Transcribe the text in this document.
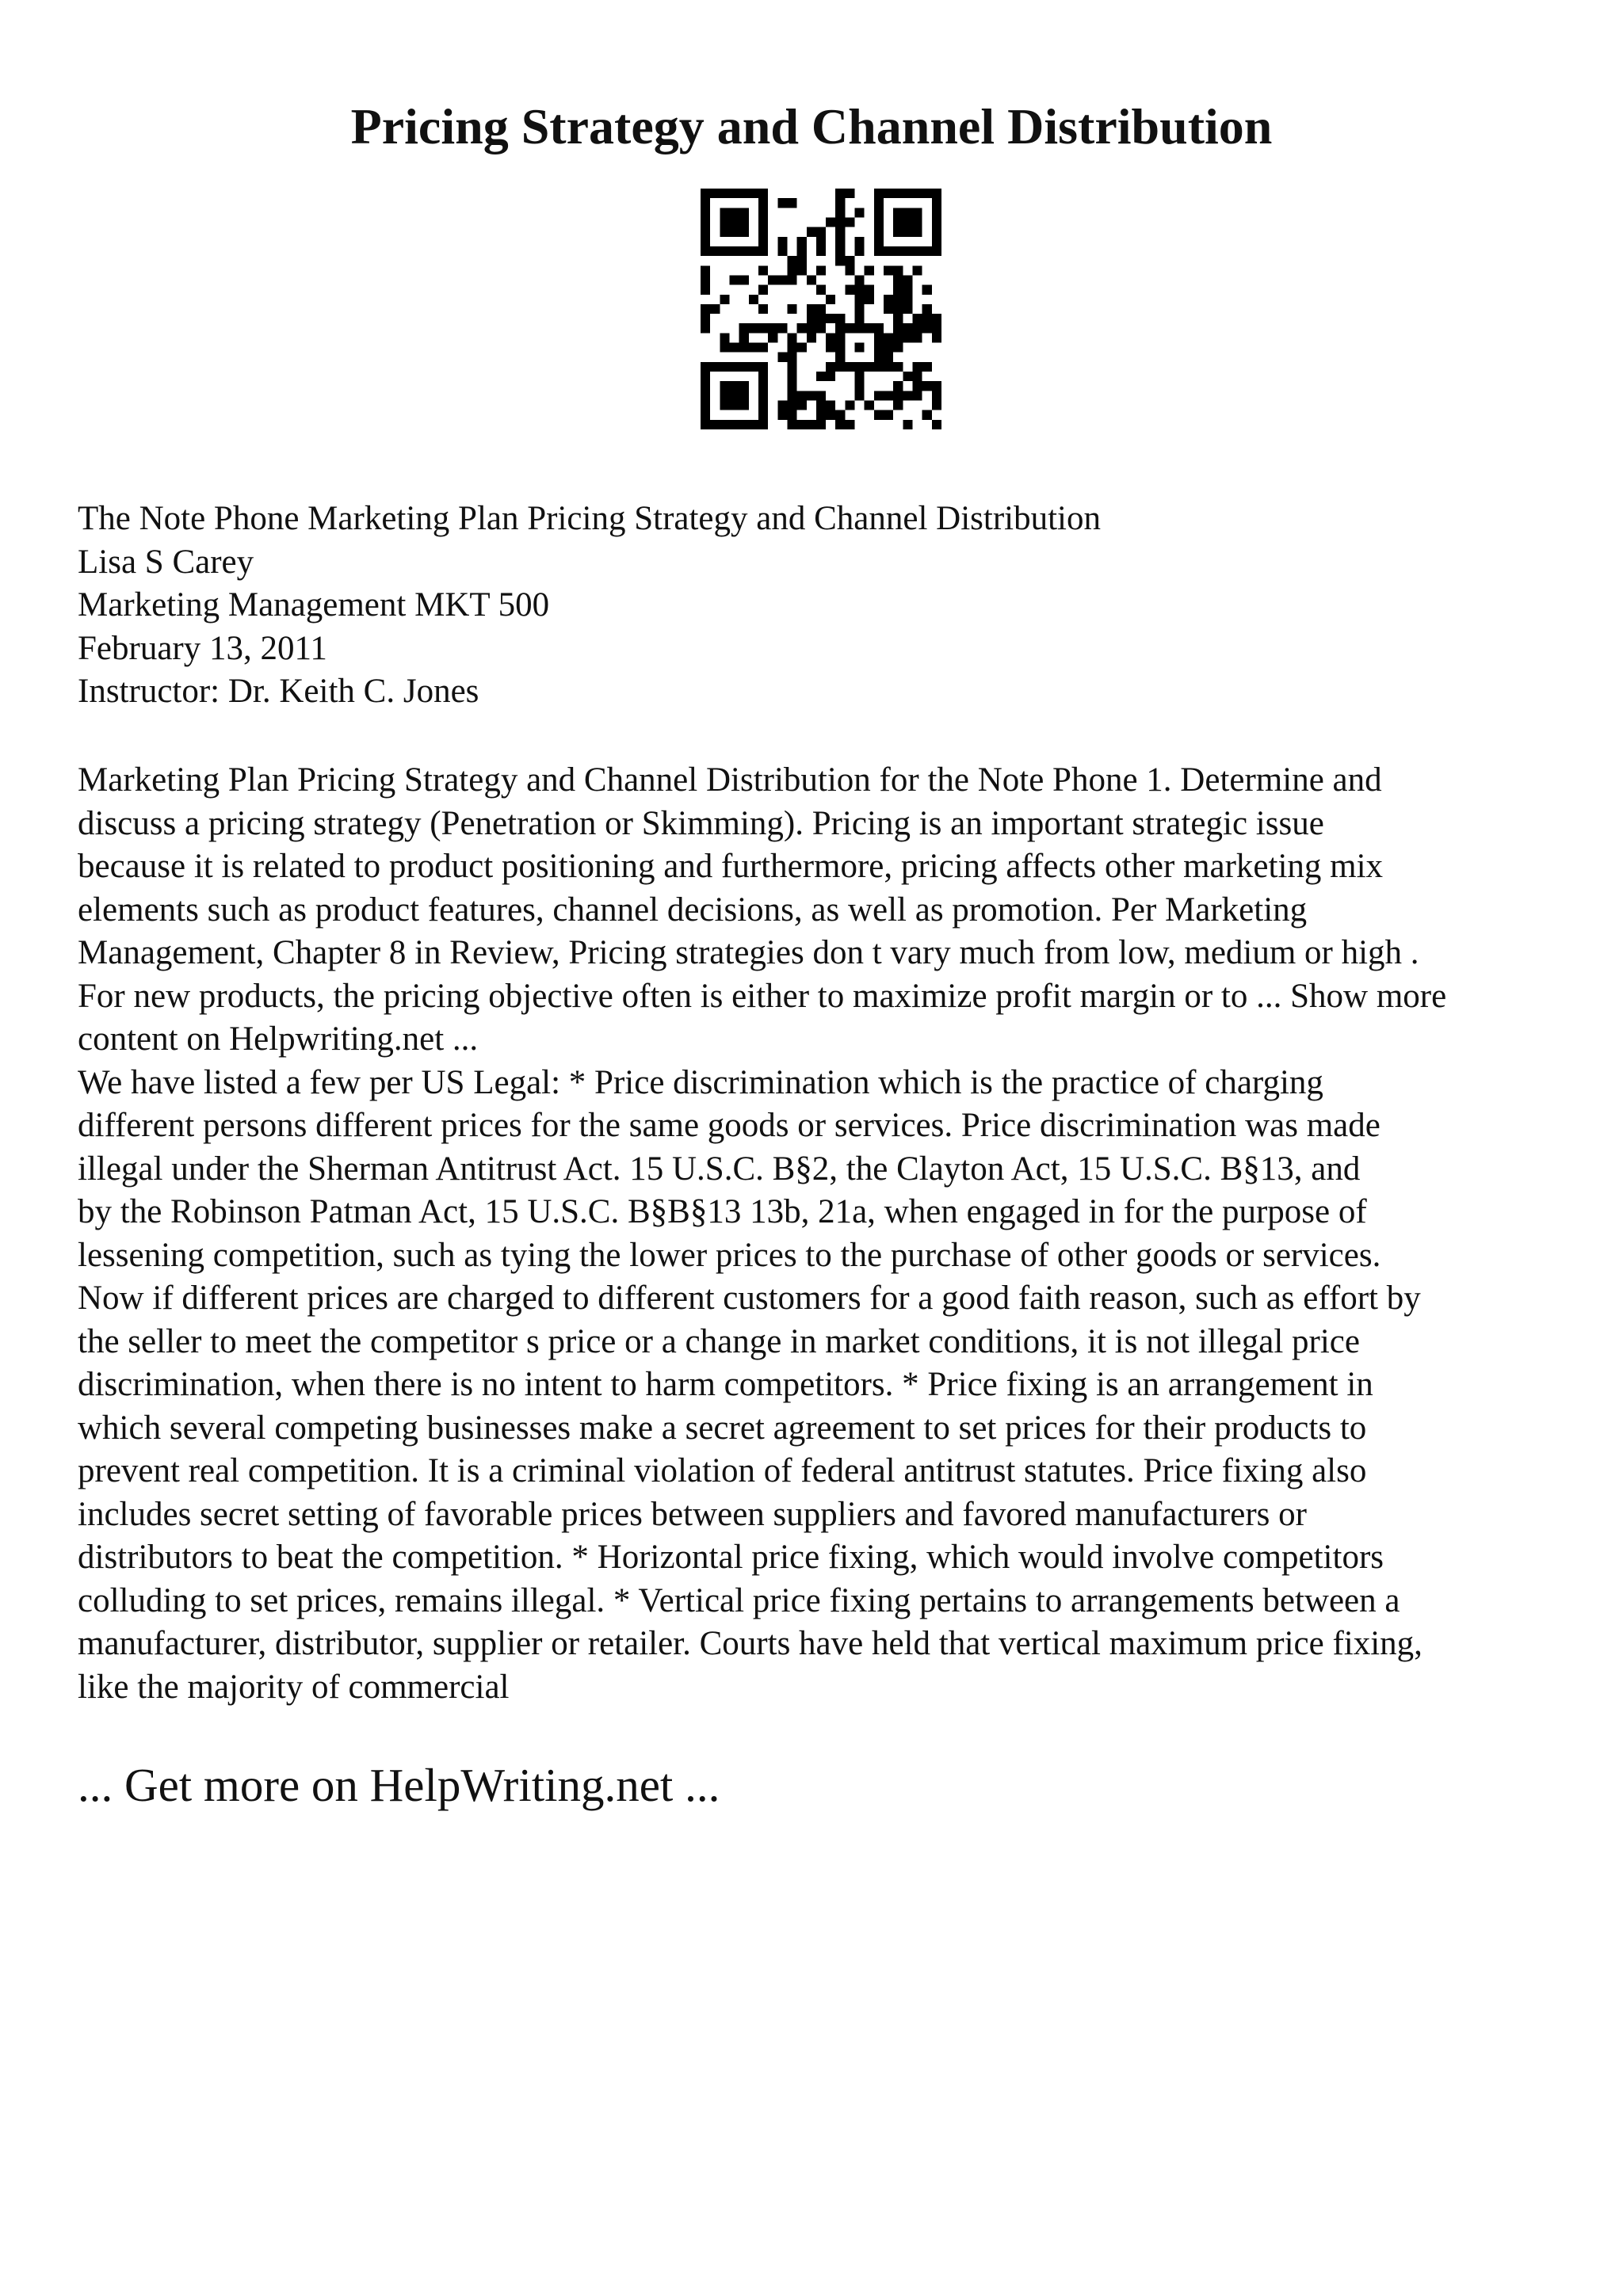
Pricing Strategy and Channel Distribution
The Note Phone Marketing Plan Pricing Strategy and Channel Distribution
Lisa S Carey
Marketing Management MKT 500
February 13, 2011
Instructor: Dr. Keith C. Jones

Marketing Plan Pricing Strategy and Channel Distribution for the Note Phone 1. Determine and
discuss a pricing strategy (Penetration or Skimming). Pricing is an important strategic issue
because it is related to product positioning and furthermore, pricing affects other marketing mix
elements such as product features, channel decisions, as well as promotion. Per Marketing
Management, Chapter 8 in Review, Pricing strategies don t vary much from low, medium or high .
For new products, the pricing objective often is either to maximize profit margin or to ... Show more
content on Helpwriting.net ...

We have listed a few per US Legal: * Price discrimination which is the practice of charging
different persons different prices for the same goods or services. Price discrimination was made
illegal under the Sherman Antitrust Act. 15 U.S.C. B§2, the Clayton Act, 15 U.S.C. B§13, and
by the Robinson Patman Act, 15 U.S.C. B§B§13 13b, 21a, when engaged in for the purpose of
lessening competition, such as tying the lower prices to the purchase of other goods or services.
Now if different prices are charged to different customers for a good faith reason, such as effort by
the seller to meet the competitor s price or a change in market conditions, it is not illegal price
discrimination, when there is no intent to harm competitors. * Price fixing is an arrangement in
which several competing businesses make a secret agreement to set prices for their products to
prevent real competition. It is a criminal violation of federal antitrust statutes. Price fixing also
includes secret setting of favorable prices between suppliers and favored manufacturers or
distributors to beat the competition. * Horizontal price fixing, which would involve competitors
colluding to set prices, remains illegal. * Vertical price fixing pertains to arrangements between a
manufacturer, distributor, supplier or retailer. Courts have held that vertical maximum price fixing,
like the majority of commercial

... Get more on HelpWriting.net ...
